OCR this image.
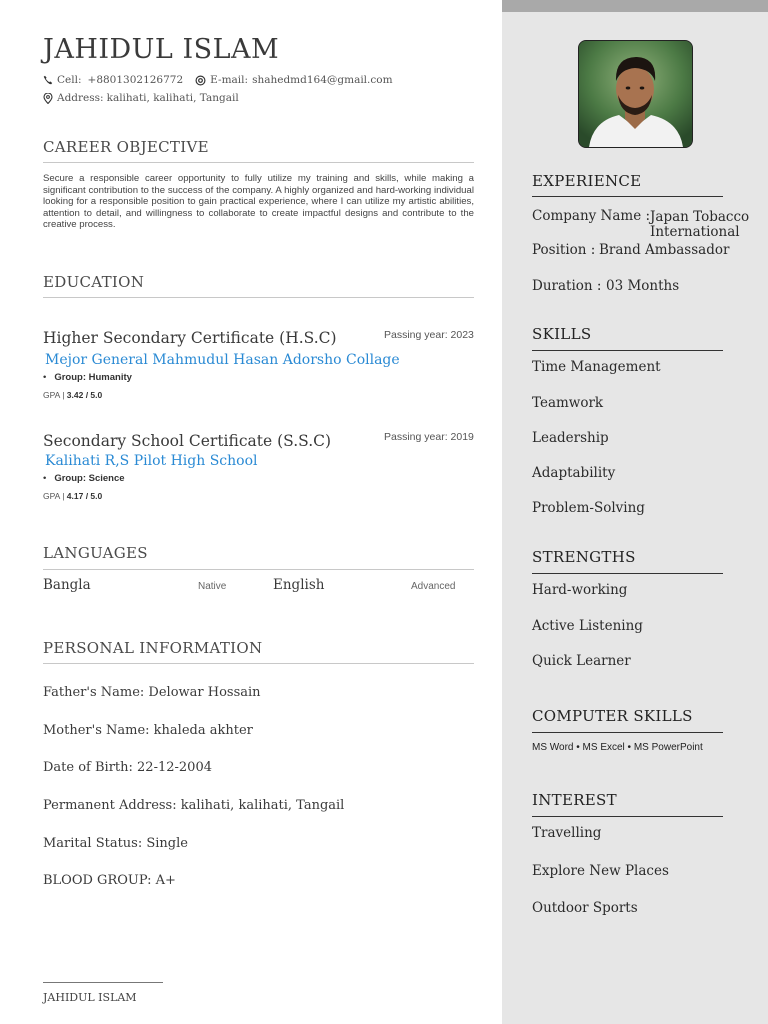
JAHIDUL ISLAM
Cell: +8801302126772	E-mail: shahedmd164@gmail.com
Address: kalihati, kalihati, Tangail
CAREER OBJECTIVE
Secure a responsible career opportunity to fully utilize my training and skills, while making a significant contribution to the success of the company. A highly organized and hard-working individual looking for a responsible position to gain practical experience, where I can utilize my artistic abilities, attention to detail, and willingness to collaborate to create impactful designs and contribute to the creative process.
EDUCATION
Higher Secondary Certificate (H.S.C)	Passing year: 2023
Mejor General Mahmudul Hasan Adorsho Collage
• Group: Humanity
GPA | 3.42 / 5.0
Secondary School Certificate (S.S.C)	Passing year: 2019
Kalihati R,S Pilot High School
• Group: Science
GPA | 4.17 / 5.0
LANGUAGES
Bangla	Native	English	Advanced
PERSONAL INFORMATION
Father's Name: Delowar Hossain
Mother's Name: khaleda akhter
Date of Birth: 22-12-2004
Permanent Address: kalihati, kalihati, Tangail
Marital Status: Single
BLOOD GROUP: A+
JAHIDUL ISLAM
EXPERIENCE
Company Name : Japan Tobacco
International
Position : Brand Ambassador
Duration : 03 Months
SKILLS
Time Management
Teamwork
Leadership
Adaptability
Problem-Solving
STRENGTHS
Hard-working
Active Listening
Quick Learner
COMPUTER SKILLS
MS Word • MS Excel • MS PowerPoint
INTEREST
Travelling
Explore New Places
Outdoor Sports
